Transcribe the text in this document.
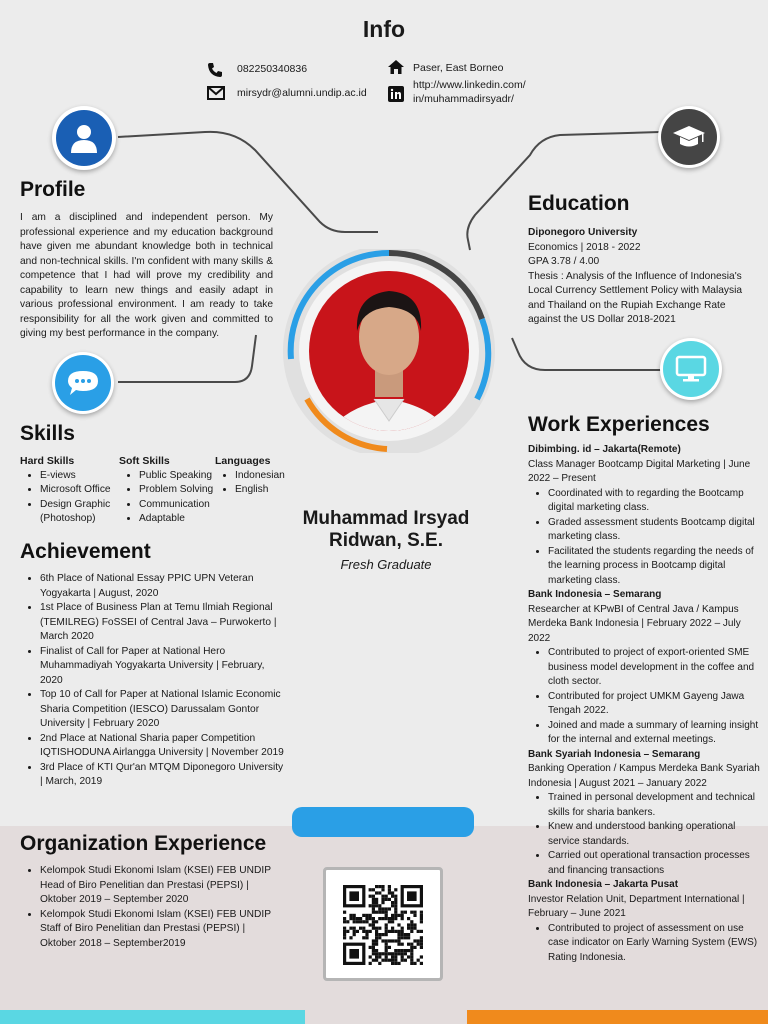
Info
082250340836
mirsydr@alumni.undip.ac.id
Paser, East Borneo
http://www.linkedin.com/
in/muhammadirsyadr/
Profile
I am a disciplined and independent person. My professional experience and my education background have given me abundant knowledge both in technical and non-technical skills. I'm confident with many skills & competence that I had will prove my credibility and capability to learn new things and easily adapt in various professional environment. I am ready to take responsibility for all the work given and committed to giving my best performance in the company.
Education
Diponegoro University
Economics | 2018 - 2022
GPA 3.78 / 4.00
Thesis : Analysis of the Influence of Indonesia's Local Currency Settlement Policy with Malaysia and Thailand on the Rupiah Exchange Rate against the US Dollar 2018-2021
Skills
Hard Skills
• E-views
• Microsoft Office
• Design Graphic (Photoshop)
Soft Skills
• Public Speaking
• Problem Solving
• Communication
• Adaptable
Languages
• Indonesian
• English
Muhammad Irsyad
Ridwan, S.E.
Fresh Graduate
Achievement
• 6th Place of National Essay PPIC UPN Veteran Yogyakarta | August, 2020
• 1st Place of Business Plan at Temu Ilmiah Regional (TEMILREG) FoSSEI of Central Java – Purwokerto | March 2020
• Finalist of Call for Paper at National Hero Muhammadiyah Yogyakarta University | February, 2020
• Top 10 of Call for Paper at National Islamic Economic Sharia Competition (IESCO) Darussalam Gontor University | February 2020
• 2nd Place at National Sharia paper Competition IQTISHODUNA Airlangga University | November 2019
• 3rd Place of KTI Qur'an MTQM Diponegoro University | March, 2019
Work Experiences
Dibimbing. id – Jakarta(Remote)
Class Manager Bootcamp Digital Marketing | June 2022 – Present
• Coordinated with to regarding the Bootcamp digital marketing class.
• Graded assessment students Bootcamp digital marketing class.
• Facilitated the students regarding the needs of the learning process in Bootcamp digital marketing class.
Bank Indonesia – Semarang
Researcher at KPwBI of Central Java / Kampus Merdeka Bank Indonesia | February 2022 – July 2022
• Contributed to project of export-oriented SME business model development in the coffee and cloth sector.
• Contributed for project UMKM Gayeng Jawa Tengah 2022.
• Joined and made a summary of learning insight for the internal and external meetings.
Bank Syariah Indonesia – Semarang
Banking Operation / Kampus Merdeka Bank Syariah Indonesia | August 2021 – January 2022
• Trained in personal development and technical skills for sharia bankers.
• Knew and understood banking operational service standards.
• Carried out operational transaction processes and financing transactions
Bank Indonesia – Jakarta Pusat
Investor Relation Unit, Department International | February – June 2021
• Contributed to project of assessment on use case indicator on Early Warning System (EWS) Rating Indonesia.
Organization Experience
• Kelompok Studi Ekonomi Islam (KSEI) FEB UNDIP Head of Biro Penelitian dan Prestasi (PEPSI) | Oktober 2019 – September 2020
• Kelompok Studi Ekonomi Islam (KSEI) FEB UNDIP Staff of Biro Penelitian dan Prestasi (PEPSI) | Oktober 2018 – September2019
